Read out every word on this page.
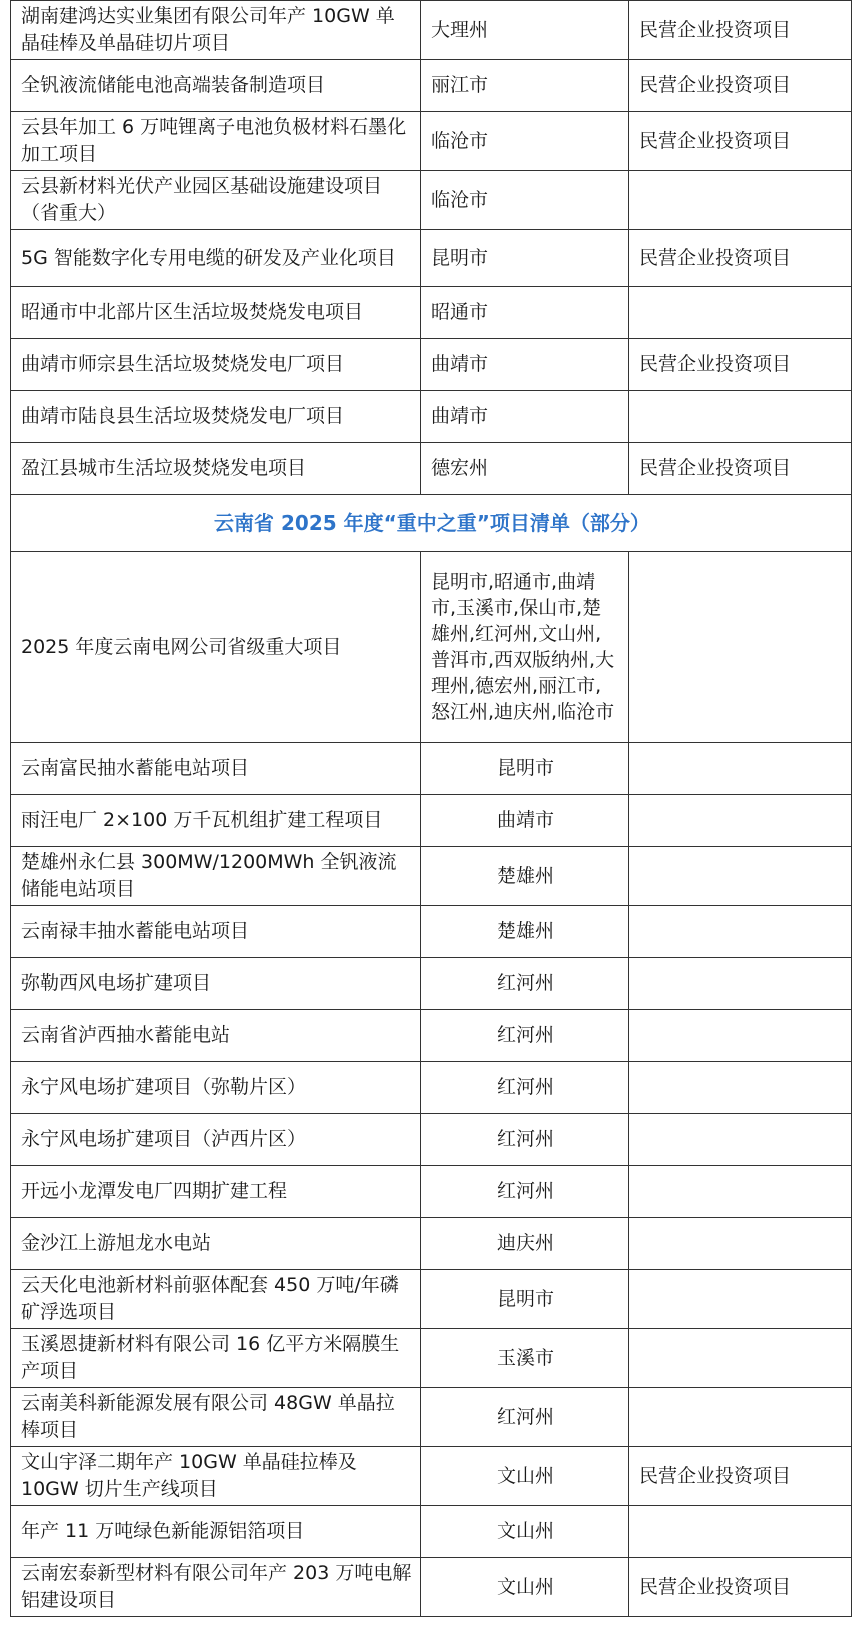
湖南建鸿达实业集团有限公司年产 10GW 单晶硅棒及单晶硅切片项目	大理州	民营企业投资项目
全钒液流储能电池高端装备制造项目	丽江市	民营企业投资项目
云县年加工 6 万吨锂离子电池负极材料石墨化加工项目	临沧市	民营企业投资项目
云县新材料光伏产业园区基础设施建设项目（省重大）	临沧市	
5G 智能数字化专用电缆的研发及产业化项目	昆明市	民营企业投资项目
昭通市中北部片区生活垃圾焚烧发电项目	昭通市	
曲靖市师宗县生活垃圾焚烧发电厂项目	曲靖市	民营企业投资项目
曲靖市陆良县生活垃圾焚烧发电厂项目	曲靖市	
盈江县城市生活垃圾焚烧发电项目	德宏州	民营企业投资项目
云南省 2025 年度“重中之重”项目清单（部分）		
2025 年度云南电网公司省级重大项目	昆明市,昭通市,曲靖市,玉溪市,保山市,楚雄州,红河州,文山州,普洱市,西双版纳州,大理州,德宏州,丽江市,怒江州,迪庆州,临沧市	
云南富民抽水蓄能电站项目	昆明市	
雨汪电厂 2×100 万千瓦机组扩建工程项目	曲靖市	
楚雄州永仁县 300MW/1200MWh 全钒液流储能电站项目	楚雄州	
云南禄丰抽水蓄能电站项目	楚雄州	
弥勒西风电场扩建项目	红河州	
云南省泸西抽水蓄能电站	红河州	
永宁风电场扩建项目（弥勒片区）	红河州	
永宁风电场扩建项目（泸西片区）	红河州	
开远小龙潭发电厂四期扩建工程	红河州	
金沙江上游旭龙水电站	迪庆州	
云天化电池新材料前驱体配套 450 万吨/年磷矿浮选项目	昆明市	
玉溪恩捷新材料有限公司 16 亿平方米隔膜生产项目	玉溪市	
云南美科新能源发展有限公司 48GW 单晶拉棒项目	红河州	
文山宇泽二期年产 10GW 单晶硅拉棒及 10GW 切片生产线项目	文山州	民营企业投资项目
年产 11 万吨绿色新能源铝箔项目	文山州	
云南宏泰新型材料有限公司年产 203 万吨电解铝建设项目	文山州	民营企业投资项目
